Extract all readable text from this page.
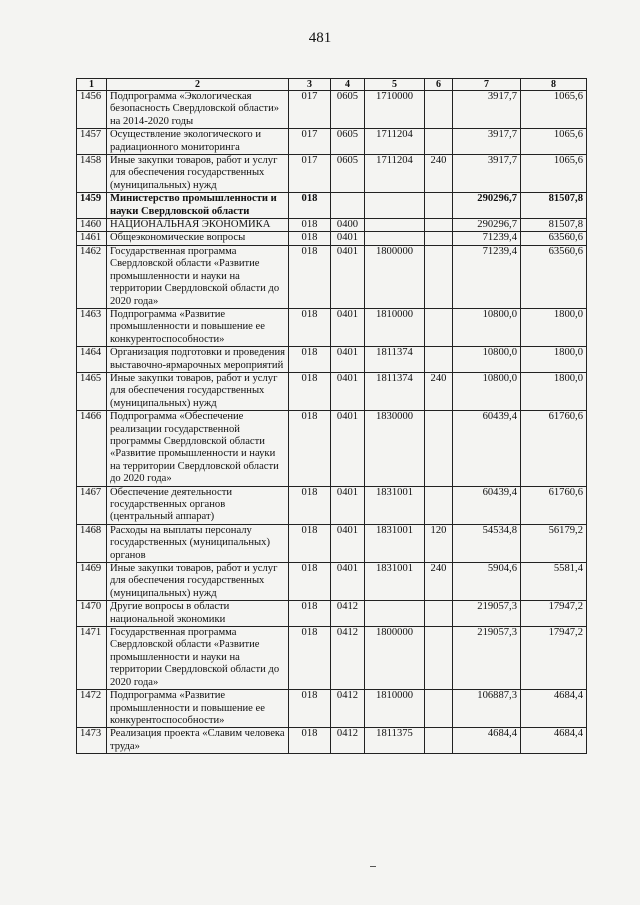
481
1	2	3	4	5	6	7	8
1456	Подпрограмма «Экологическая безопасность Свердловской области» на 2014-2020 годы	017	0605	1710000		3917,7	1065,6
1457	Осуществление экологического и радиационного мониторинга	017	0605	1711204		3917,7	1065,6
1458	Иные закупки товаров, работ и услуг для обеспечения государственных (муниципальных) нужд	017	0605	1711204	240	3917,7	1065,6
1459	Министерство промышленности и науки Свердловской области	018				290296,7	81507,8
1460	НАЦИОНАЛЬНАЯ ЭКОНОМИКА	018	0400			290296,7	81507,8
1461	Общеэкономические вопросы	018	0401			71239,4	63560,6
1462	Государственная программа Свердловской области «Развитие промышленности и науки на территории Свердловской области до 2020 года»	018	0401	1800000		71239,4	63560,6
1463	Подпрограмма «Развитие промышленности и повышение ее конкурентоспособности»	018	0401	1810000		10800,0	1800,0
1464	Организация подготовки и проведения выставочно-ярмарочных мероприятий	018	0401	1811374		10800,0	1800,0
1465	Иные закупки товаров, работ и услуг для обеспечения государственных (муниципальных) нужд	018	0401	1811374	240	10800,0	1800,0
1466	Подпрограмма «Обеспечение реализации государственной программы Свердловской области «Развитие промышленности и науки на территории Свердловской области до 2020 года»	018	0401	1830000		60439,4	61760,6
1467	Обеспечение деятельности государственных органов (центральный аппарат)	018	0401	1831001		60439,4	61760,6
1468	Расходы на выплаты персоналу государственных (муниципальных) органов	018	0401	1831001	120	54534,8	56179,2
1469	Иные закупки товаров, работ и услуг для обеспечения государственных (муниципальных) нужд	018	0401	1831001	240	5904,6	5581,4
1470	Другие вопросы в области национальной экономики	018	0412			219057,3	17947,2
1471	Государственная программа Свердловской области «Развитие промышленности и науки на территории Свердловской области до 2020 года»	018	0412	1800000		219057,3	17947,2
1472	Подпрограмма «Развитие промышленности и повышение ее конкурентоспособности»	018	0412	1810000		106887,3	4684,4
1473	Реализация проекта «Славим человека труда»	018	0412	1811375		4684,4	4684,4
